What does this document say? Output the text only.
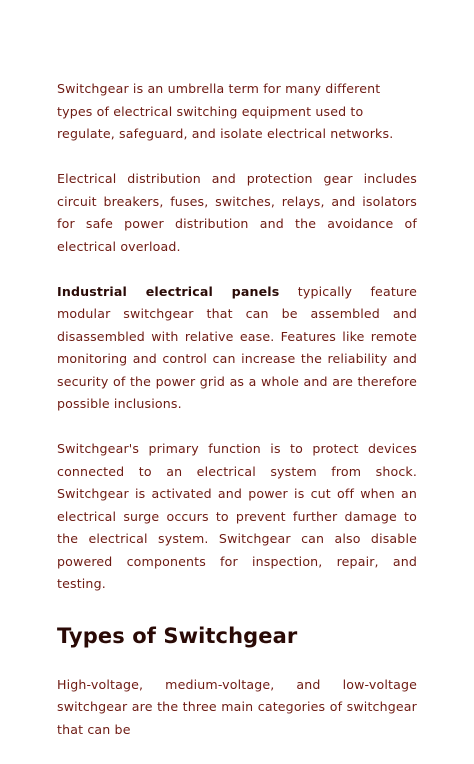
Switchgear is an umbrella term for many different types of electrical switching equipment used to regulate, safeguard, and isolate electrical networks.

Electrical distribution and protection gear includes circuit breakers, fuses, switches, relays, and isolators for safe power distribution and the avoidance of electrical overload.

Industrial electrical panels typically feature modular switchgear that can be assembled and disassembled with relative ease. Features like remote monitoring and control can increase the reliability and security of the power grid as a whole and are therefore possible inclusions.

Switchgear's primary function is to protect devices connected to an electrical system from shock. Switchgear is activated and power is cut off when an electrical surge occurs to prevent further damage to the electrical system. Switchgear can also disable powered components for inspection, repair, and testing.

Types of Switchgear

High-voltage, medium-voltage, and low-voltage switchgear are the three main categories of switchgear that can be
